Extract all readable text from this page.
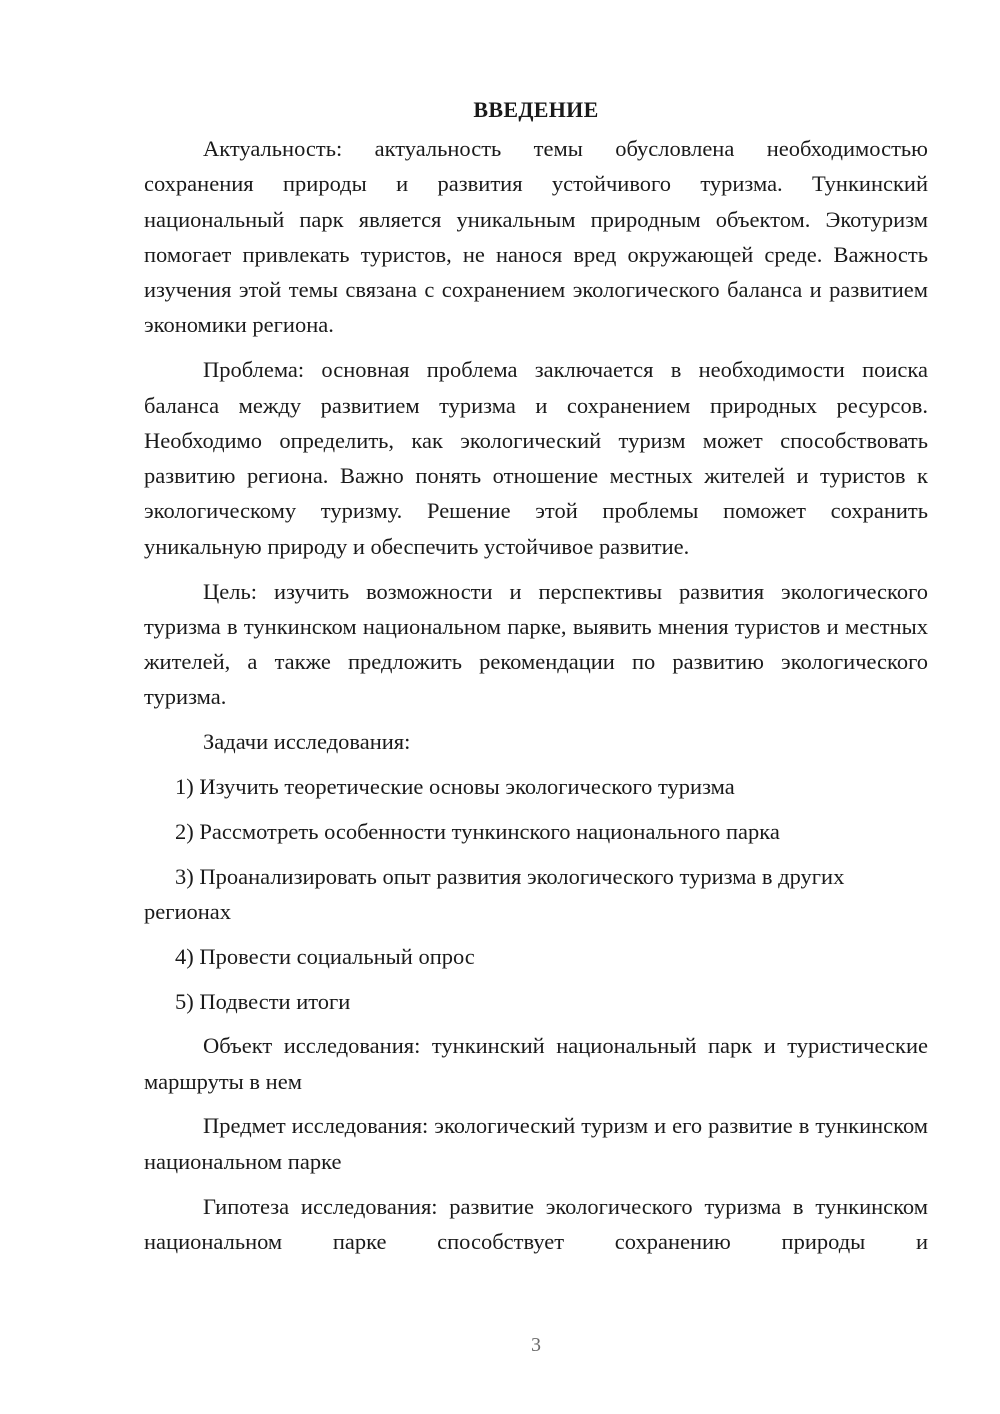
ВВЕДЕНИЕ

Актуальность: актуальность темы обусловлена необходимостью сохранения природы и развития устойчивого туризма. Тункинский национальный парк является уникальным природным объектом. Экотуризм помогает привлекать туристов, не нанося вред окружающей среде. Важность изучения этой темы связана с сохранением экологического баланса и развитием экономики региона.

Проблема: основная проблема заключается в необходимости поиска баланса между развитием туризма и сохранением природных ресурсов. Необходимо определить, как экологический туризм может способствовать развитию региона. Важно понять отношение местных жителей и туристов к экологическому туризму. Решение этой проблемы поможет сохранить уникальную природу и обеспечить устойчивое развитие.

Цель: изучить возможности и перспективы развития экологического туризма в тункинском национальном парке, выявить мнения туристов и местных жителей, а также предложить рекомендации по развитию экологического туризма.

Задачи исследования:

1) Изучить теоретические основы экологического туризма

2) Рассмотреть особенности тункинского национального парка

3) Проанализировать опыт развития экологического туризма в других регионах

4) Провести социальный опрос

5) Подвести итоги

Объект исследования: тункинский национальный парк и туристические маршруты в нем

Предмет исследования: экологический туризм и его развитие в тункинском национальном парке

Гипотеза исследования: развитие экологического туризма в тункинском национальном парке способствует сохранению природы и

3
